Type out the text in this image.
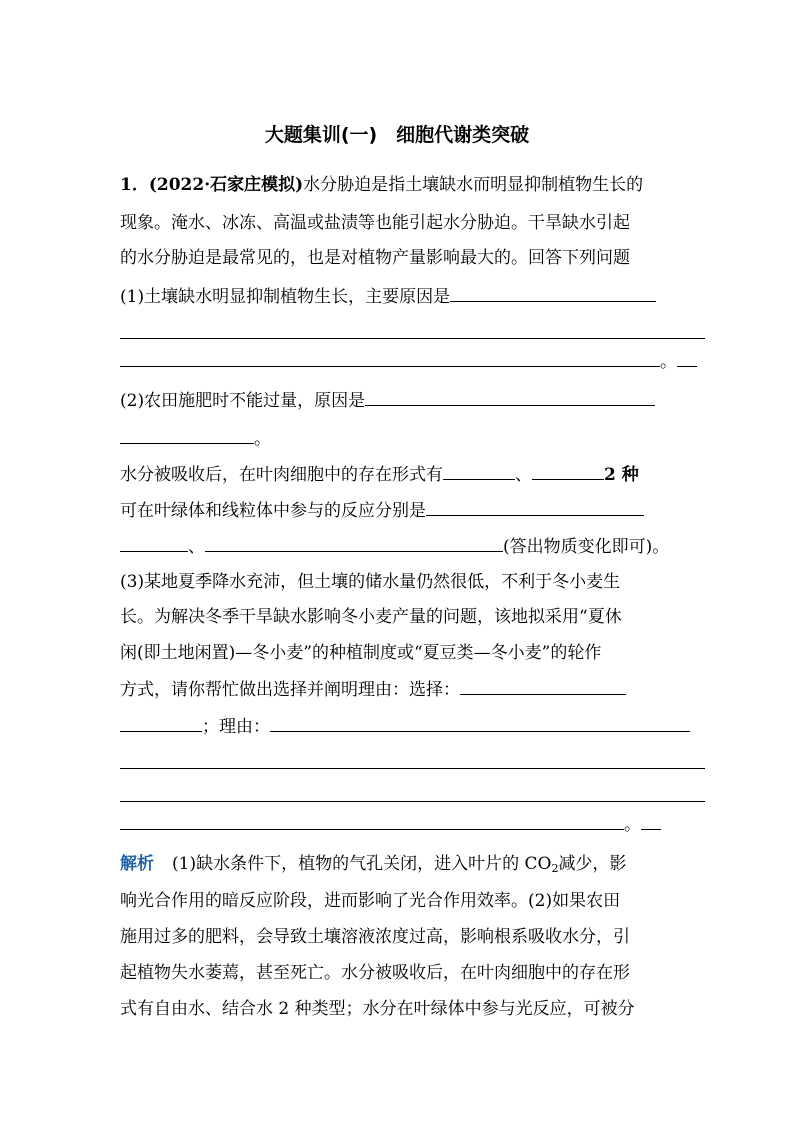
大题集训(一)　细胞代谢类突破
1．(2022·石家庄模拟)水分胁迫是指土壤缺水而明显抑制植物生长的
现象。淹水、冰冻、高温或盐渍等也能引起水分胁迫。干旱缺水引起
的水分胁迫是最常见的，也是对植物产量影响最大的。回答下列问题
(1)土壤缺水明显抑制植物生长，主要原因是
。
(2)农田施肥时不能过量，原因是
。
水分被吸收后，在叶肉细胞中的存在形式有	、	2 种
可在叶绿体和线粒体中参与的反应分别是
、	(答出物质变化即可)。
(3)某地夏季降水充沛，但土壤的储水量仍然很低，不利于冬小麦生
长。为解决冬季干旱缺水影响冬小麦产量的问题，该地拟采用“夏休
闲(即土地闲置)—冬小麦”的种植制度或“夏豆类—冬小麦”的轮作
方式，请你帮忙做出选择并阐明理由：选择：
；理由：
。
解析 (1)缺水条件下，植物的气孔关闭，进入叶片的 $CO_2$减少，影
响光合作用的暗反应阶段，进而影响了光合作用效率。(2)如果农田
施用过多的肥料，会导致土壤溶液浓度过高，影响根系吸收水分，引
起植物失水萎蔫，甚至死亡。水分被吸收后，在叶肉细胞中的存在形
式有自由水、结合水 2 种类型；水分在叶绿体中参与光反应，可被分
